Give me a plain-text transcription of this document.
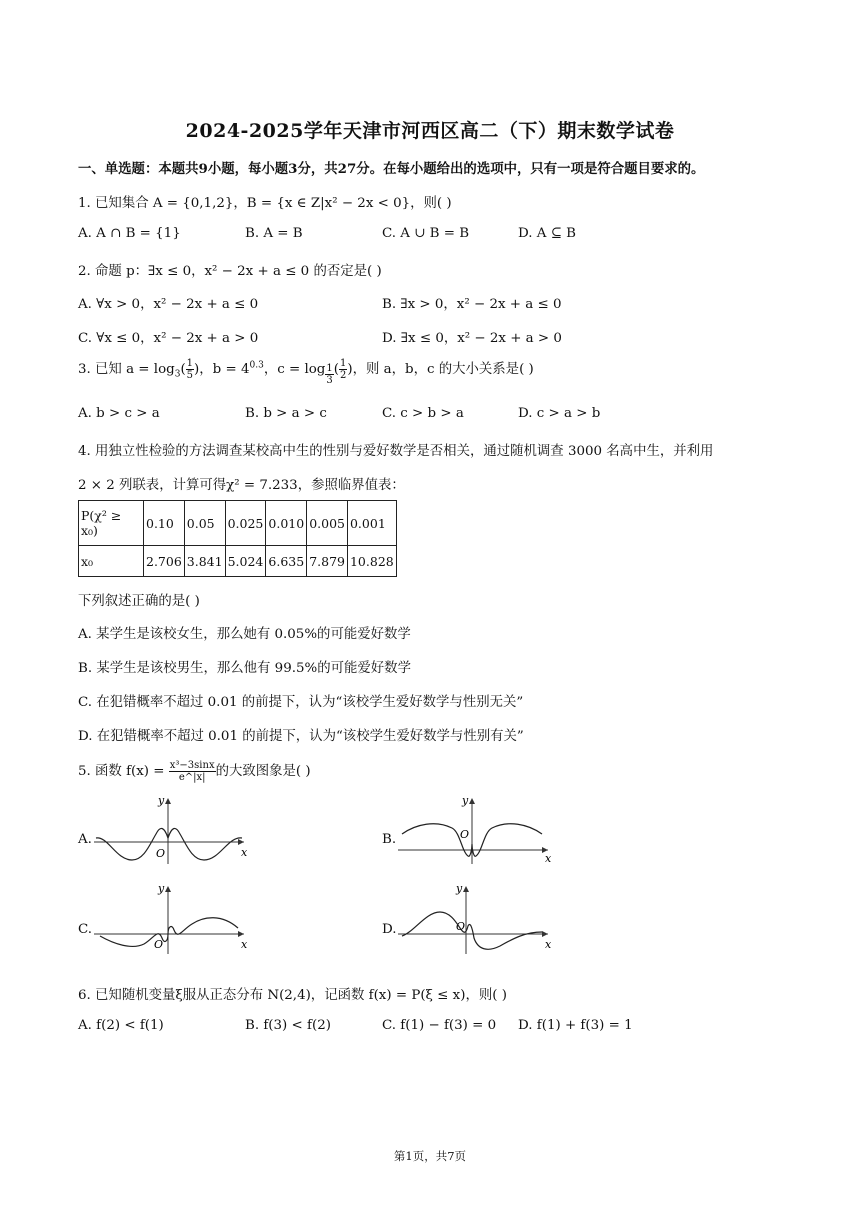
2024-2025学年天津市河西区高二（下）期末数学试卷
一、单选题：本题共9小题，每小题3分，共27分。在每小题给出的选项中，只有一项是符合题目要求的。
1. 已知集合 A = {0,1,2}，B = {x ∈ Z|x² − 2x < 0}，则( )
A. A ∩ B = {1}	B. A = B	C. A ∪ B = B	D. A ⊆ B
2. 命题 p：∃x ≤ 0，x² − 2x + a ≤ 0 的否定是( )
A. ∀x > 0，x² − 2x + a ≤ 0	B. ∃x > 0，x² − 2x + a ≤ 0
C. ∀x ≤ 0，x² − 2x + a > 0	D. ∃x ≤ 0，x² − 2x + a > 0
3. 已知 $a = \log_3( \frac{1}{5}$ )，$b = 4^{0.3}$，c = log $_{\frac{1}{3}}$ ( $\frac{1}{2}$ )，则 a，b，c 的大小关系是( )
A. b > c > a	B. b > a > c	C. c > b > a	D. c > a > b
4. 用独立性检验的方法调查某校高中生的性别与爱好数学是否相关，通过随机调查 3000 名高中生，并利用
2 × 2 列联表，计算可得χ² = 7.233，参照临界值表：
P(χ² ≥ x₀)	0.10	0.05	0.025	0.010	0.005	0.001
x₀	2.706	3.841	5.024	6.635	7.879	10.828
下列叙述正确的是( )
A. 某学生是该校女生，那么她有 0.05%的可能爱好数学
B. 某学生是该校男生，那么他有 99.5%的可能爱好数学
C. 在犯错概率不超过 0.01 的前提下，认为“该校学生爱好数学与性别无关”
D. 在犯错概率不超过 0.01 的前提下，认为“该校学生爱好数学与性别有关”
5. 函数 $f(x) = \frac{\text{x³−3sinx}}{e\^{}|x|}$ 的大致图象是( )
A.
y
x
O
B.
y
x
O
C.
y
x
O
D.
y
x
O
6. 已知随机变量ξ服从正态分布 N(2,4)，记函数 f(x) = P(ξ ≤ x)，则( )
A. f(2) < f(1)	B. f(3) < f(2)	C. f(1) − f(3) = 0 D. f(1) + f(3) = 1
第1页，共7页
